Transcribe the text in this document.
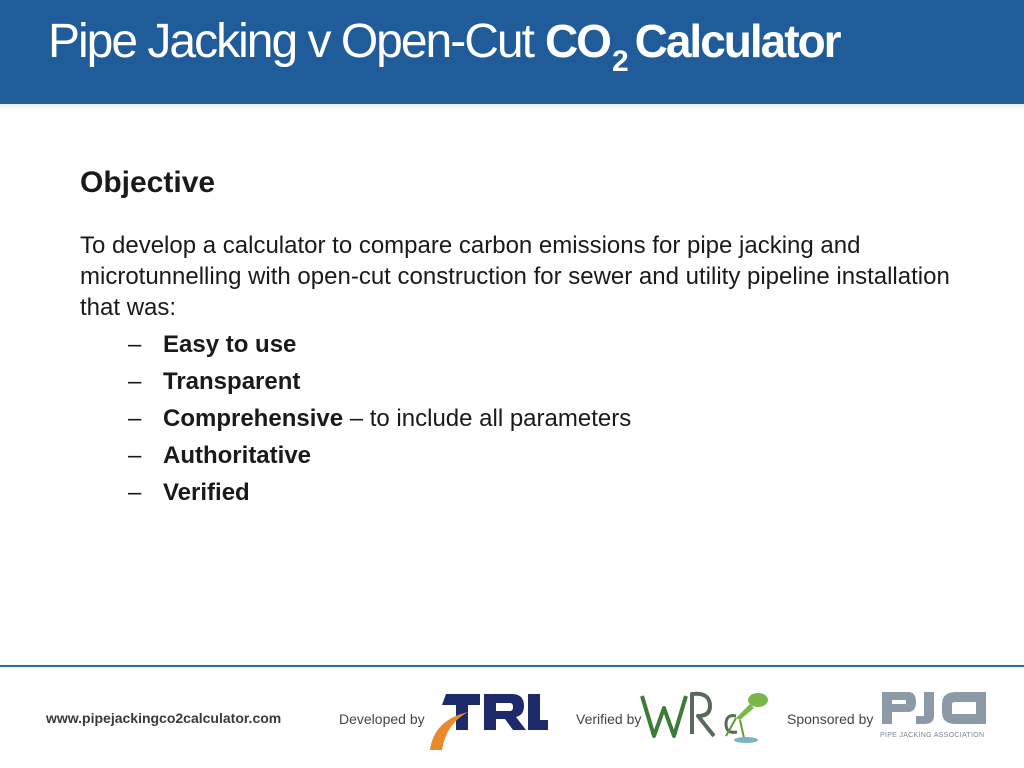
Pipe Jacking v Open-Cut CO 2 Calculator
Objective

To develop a calculator to compare carbon emissions for pipe jacking and microtunnelling with open-cut construction for sewer and utility pipeline installation that was:

– Easy to use
– Transparent
– Comprehensive – to include all parameters
– Authoritative
– Verified
www.pipejackingco2calculator.com	Developed by	Verified by	Sponsored by
PIPE JACKING ASSOCIATION
